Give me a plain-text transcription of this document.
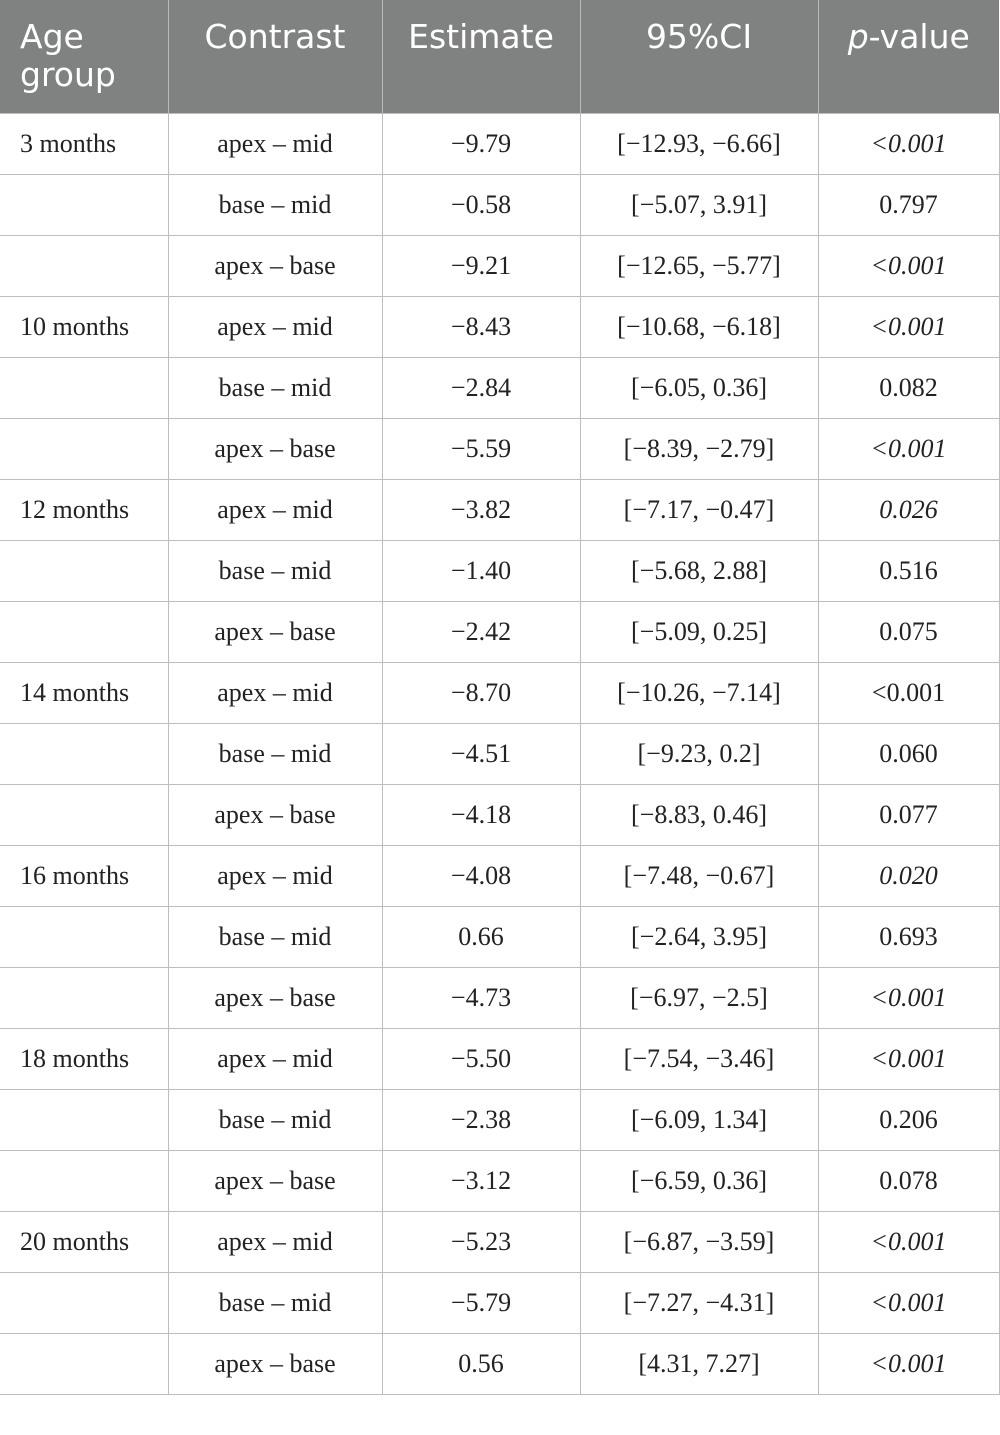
Age group	Contrast	Estimate	95%CI	p-value
3 months	apex – mid	−9.79	[−12.93, −6.66]	<0.001
	base – mid	−0.58	[−5.07, 3.91]	0.797
	apex – base	−9.21	[−12.65, −5.77]	<0.001
10 months	apex – mid	−8.43	[−10.68, −6.18]	<0.001
	base – mid	−2.84	[−6.05, 0.36]	0.082
	apex – base	−5.59	[−8.39, −2.79]	<0.001
12 months	apex – mid	−3.82	[−7.17, −0.47]	0.026
	base – mid	−1.40	[−5.68, 2.88]	0.516
	apex – base	−2.42	[−5.09, 0.25]	0.075
14 months	apex – mid	−8.70	[−10.26, −7.14]	<0.001
	base – mid	−4.51	[−9.23, 0.2]	0.060
	apex – base	−4.18	[−8.83, 0.46]	0.077
16 months	apex – mid	−4.08	[−7.48, −0.67]	0.020
	base – mid	0.66	[−2.64, 3.95]	0.693
	apex – base	−4.73	[−6.97, −2.5]	<0.001
18 months	apex – mid	−5.50	[−7.54, −3.46]	<0.001
	base – mid	−2.38	[−6.09, 1.34]	0.206
	apex – base	−3.12	[−6.59, 0.36]	0.078
20 months	apex – mid	−5.23	[−6.87, −3.59]	<0.001
	base – mid	−5.79	[−7.27, −4.31]	<0.001
	apex – base	0.56	[4.31, 7.27]	<0.001
